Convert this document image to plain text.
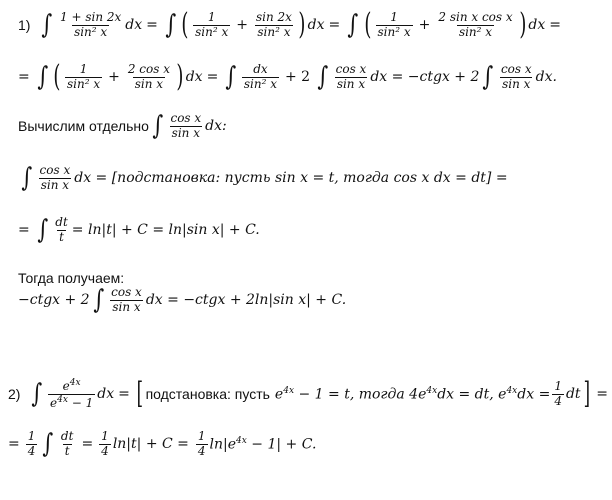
1) ∫ $\frac{1 + \sin 2x}{\text{sin² x}}$ dx = ∫ ( $\frac{1}{\text{sin² x}} + \frac{\sin 2x}{\text{sin² x}}$ ) dx = ∫ ( $\frac{1}{\text{sin² x}} + \frac{\text{2 sin x cos x}}{\text{sin² x}}$ ) dx =
= ∫ ( $\frac{1}{\text{sin² x}} + \frac{\text{2 cos x}}{\text{sin x}}$ ) dx = ∫ $\frac{dx}{\text{sin² x}} + 2$ ∫ $\frac{\text{cos x}}{\text{sin x}}$ dx = −ctgx + 2 ∫ $\frac{\text{cos x}}{\text{sin x}}$ dx.
Вычислим отдельно ∫ $\frac{\text{cos x}}{\text{sin x}}$ dx:
∫ $\frac{\text{cos x}}{\text{sin x}}$ dx = [подстановка: пусть sin x = t, тогда cos x dx = dt] =
= ∫ $\frac{dt}{t} = \ln|t| + C = \ln|\sin$ x| + C.
Тогда получаем:
−ctgx + 2 ∫ $\frac{\text{cos x}}{\text{sin x}}$ dx = −ctgx + 2ln|sin x| + C.
2) ∫ $\frac{e^{4x}}{e^{4x} - 1}$ dx = [ подстановка: пусть $e^{4x} - 1 = t$, тогда $4e^{4x}dx$ = dt, $e^{4x}dx = \frac{1}{4}$ dt ] =
= $\frac{1}{4}$ ∫ $\frac{dt}{t} = \frac{1}{4} \ln|t| + C = \frac{1}{4} \ln|e^{4x} - 1| + C$.
